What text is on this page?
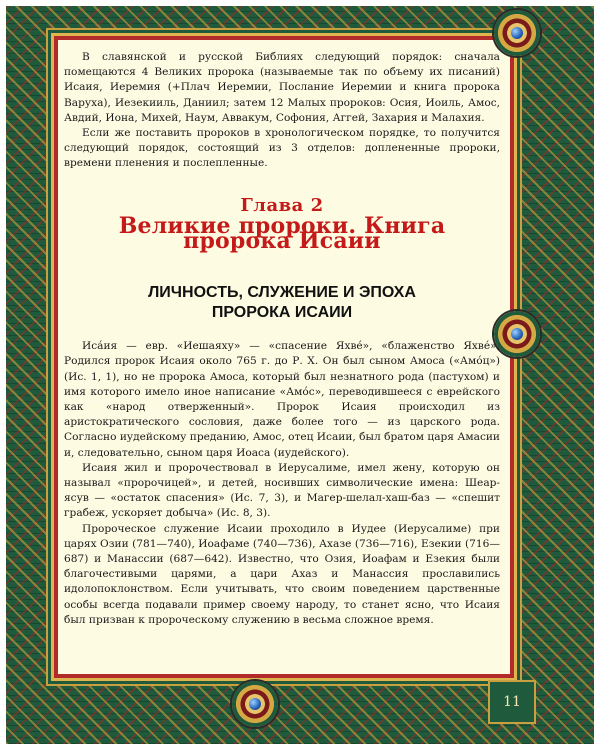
В славянской и русской Библиях следующий порядок: сначала помещаются 4 Великих пророка (называемые так по объему их писаний) Исаия, Иеремия (+Плач Иеремии, Послание Иеремии и книга пророка Варуха), Иезекииль, Даниил; затем 12 Малых пророков: Осия, Иоиль, Амос, Авдий, Иона, Михей, Наум, Аввакум, Софония, Аггей, Захария и Малахия.

Если же поставить пророков в хронологическом порядке, то получится следующий порядок, состоящий из 3 отделов: доплененные пророки, времени пленения и послепленные.

Глава 2
Великие пророки. Книга пророка Исаии
ЛИЧНОСТЬ, СЛУЖЕНИЕ И ЭПОХА
ПРОРОКА ИСАИИ

Иса́ия — евр. «Иешаяху» — «спасение Яхве́», «блаженство Яхве́». Родился пророк Исаия около 765 г. до Р. Х. Он был сыном Амоса («Амо́ц») (Ис. 1, 1), но не пророка Амоса, который был незнатного рода (пастухом) и имя которого имело иное написание «Амо́с», переводившееся с еврейского как «народ отверженный». Пророк Исаия происходил из аристократического сословия, даже более того — из царского рода. Согласно иудейскому преданию, Амос, отец Исаии, был братом царя Амасии и, следовательно, сыном царя Иоаса (иудейского).

Исаия жил и пророчествовал в Иерусалиме, имел жену, которую он называл «пророчицей», и детей, носивших символические имена: Шеар-ясув — «остаток спасения» (Ис. 7, 3), и Магер-шелал-хаш-баз — «спешит грабеж, ускоряет добыча» (Ис. 8, 3).

Пророческое служение Исаии проходило в Иудее (Иерусалиме) при царях Озии (781—740), Иоафаме (740—736), Ахазе (736—716), Езекии (716—687) и Манассии (687—642). Известно, что Озия, Иоафам и Езекия были благочестивыми царями, а цари Ахаз и Манассия прославились идолопоклонством. Если учитывать, что своим поведением царственные особы всегда подавали пример своему народу, то станет ясно, что Исаия был призван к пророческому служению в весьма сложное время.

11
